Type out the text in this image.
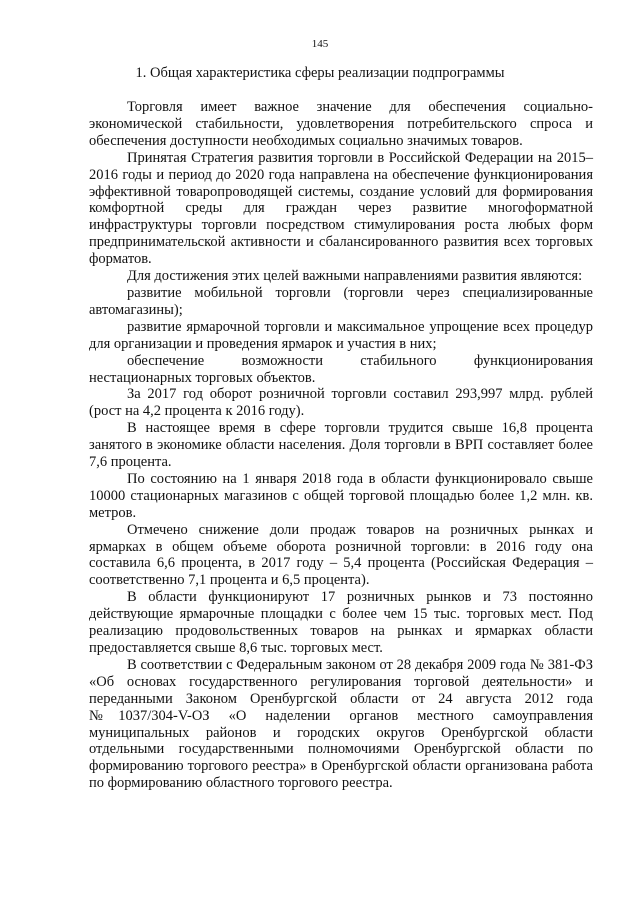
145
1. Общая характеристика сферы реализации подпрограммы

Торговля имеет важное значение для обеспечения социально-экономической стабильности, удовлетворения потребительского спроса и обеспечения доступности необходимых социально значимых товаров.

Принятая Стратегия развития торговли в Российской Федерации на 2015–2016 годы и период до 2020 года направлена на обеспечение функционирования эффективной товаропроводящей системы, создание условий для формирования комфортной среды для граждан через развитие многоформатной инфраструктуры торговли посредством стимулирования роста любых форм предпринимательской активности и сбалансированного развития всех торговых форматов.

Для достижения этих целей важными направлениями развития являются:

развитие мобильной торговли (торговли через специализированные автомагазины);

развитие ярмарочной торговли и максимальное упрощение всех процедур для организации и проведения ярмарок и участия в них;

обеспечение возможности стабильного функционирования нестационарных торговых объектов.

За 2017 год оборот розничной торговли составил 293,997 млрд. рублей (рост на 4,2 процента к 2016 году).

В настоящее время в сфере торговли трудится свыше 16,8 процента занятого в экономике области населения. Доля торговли в ВРП составляет более 7,6 процента.

По состоянию на 1 января 2018 года в области функционировало свыше 10000 стационарных магазинов с общей торговой площадью более 1,2 млн. кв. метров.

Отмечено снижение доли продаж товаров на розничных рынках и ярмарках в общем объеме оборота розничной торговли: в 2016 году она составила 6,6 процента, в 2017 году – 5,4 процента (Российская Федерация – соответственно 7,1 процента и 6,5 процента).

В области функционируют 17 розничных рынков и 73 постоянно действующие ярмарочные площадки с более чем 15 тыс. торговых мест. Под реализацию продовольственных товаров на рынках и ярмарках области предоставляется свыше 8,6 тыс. торговых мест.

В соответствии с Федеральным законом от 28 декабря 2009 года № 381-ФЗ «Об основах государственного регулирования торговой деятельности» и переданными Законом Оренбургской области от 24 августа 2012 года №1037/304-V-ОЗ «О наделении органов местного самоуправления муниципальных районов и городских округов Оренбургской области отдельными государственными полномочиями Оренбургской области по формированию торгового реестра» в Оренбургской области организована работа по формированию областного торгового реестра.
